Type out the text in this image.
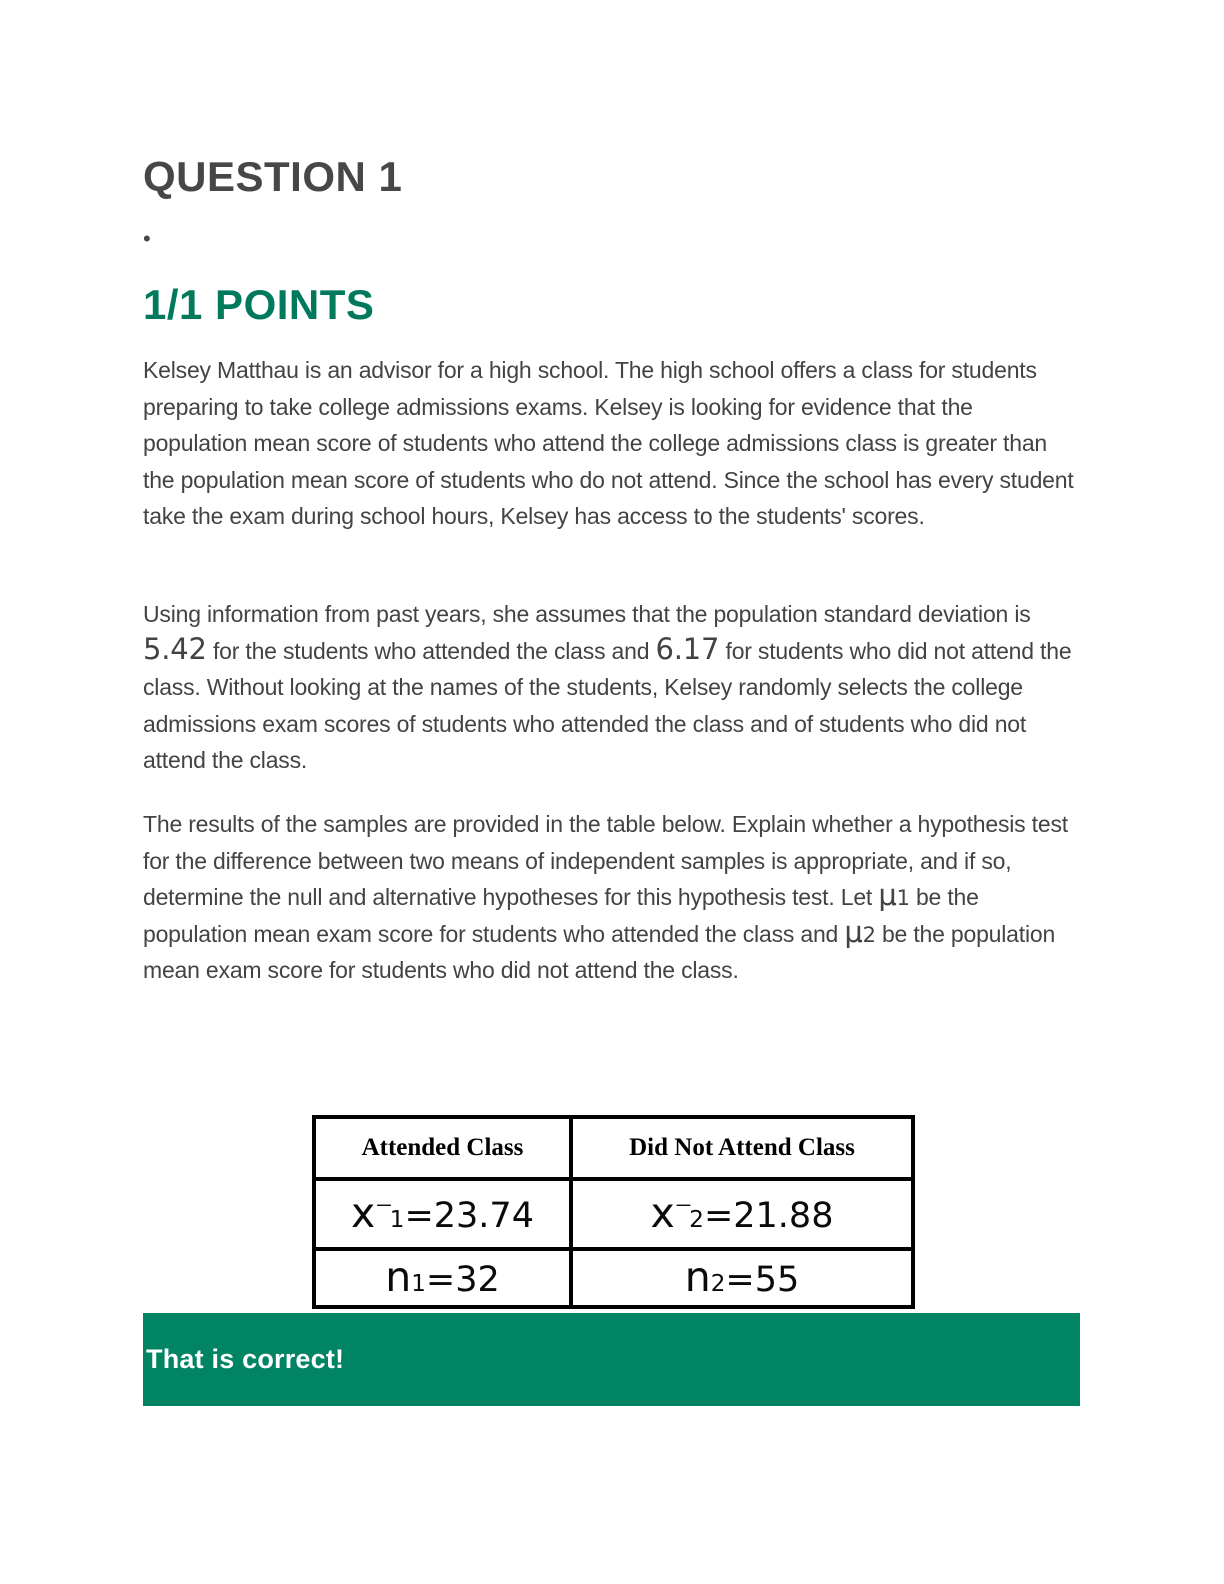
QUESTION 1
•
1/1 POINTS

Kelsey Matthau is an advisor for a high school. The high school offers a class for students preparing to take college admissions exams. Kelsey is looking for evidence that the population mean score of students who attend the college admissions class is greater than the population mean score of students who do not attend. Since the school has every student take the exam during school hours, Kelsey has access to the students' scores.

Using information from past years, she assumes that the population standard deviation is 5.42 for the students who attended the class and 6.17 for students who did not attend the class. Without looking at the names of the students, Kelsey randomly selects the college admissions exam scores of students who attended the class and of students who did not attend the class.

The results of the samples are provided in the table below. Explain whether a hypothesis test for the difference between two means of independent samples is appropriate, and if so, determine the null and alternative hypotheses for this hypothesis test. Let μ1 be the population mean exam score for students who attended the class and μ2 be the population mean exam score for students who did not attend the class.

Attended Class	Did Not Attend Class
x---1=23.74	x---2=21.88
n1=32	n2=55
That is correct!
